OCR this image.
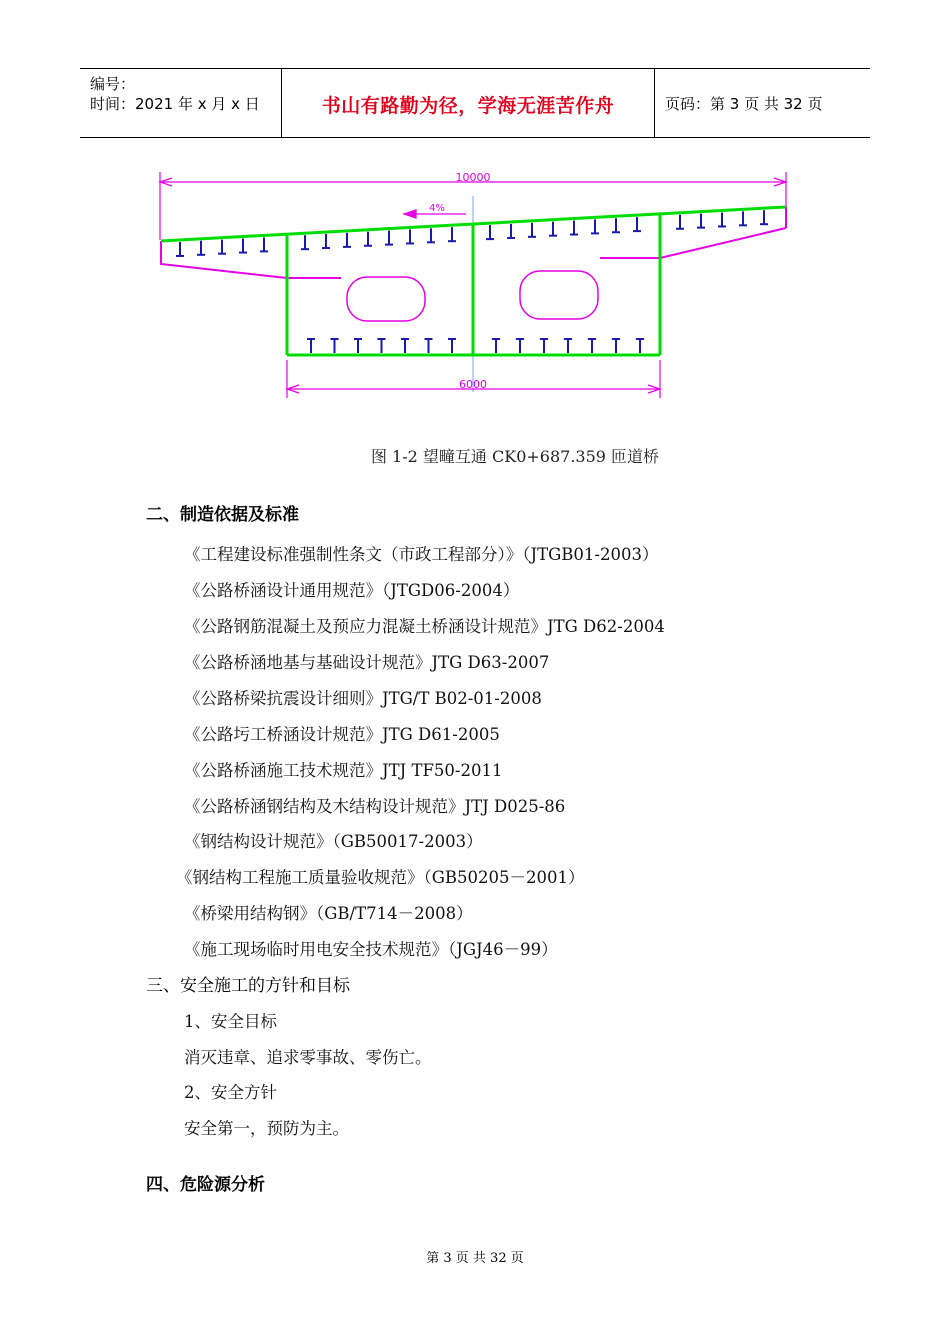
编号：
时间：2021 年 x 月 x 日	书山有路勤为径，学海无涯苦作舟	页码：第 3 页 共 32 页
10000
4%
6000
图 1-2 望疃互通 CK0+687.359 匝道桥
二、制造依据及标准
《工程建设标准强制性条文（市政工程部分）》（JTGB01-2003）
《公路桥涵设计通用规范》（JTGD06-2004）
《公路钢筋混凝土及预应力混凝土桥涵设计规范》JTG D62-2004
《公路桥涵地基与基础设计规范》JTG D63-2007
《公路桥梁抗震设计细则》JTG/T B02-01-2008
《公路圬工桥涵设计规范》JTG D61-2005
《公路桥涵施工技术规范》JTJ TF50-2011
《公路桥涵钢结构及木结构设计规范》JTJ D025-86
《钢结构设计规范》（GB50017-2003）
《钢结构工程施工质量验收规范》（GB50205－2001）
《桥梁用结构钢》（GB/T714－2008）
《施工现场临时用电安全技术规范》（JGJ46－99）
三、安全施工的方针和目标
1、安全目标
消灭违章、追求零事故、零伤亡。
2、安全方针
安全第一，预防为主。
四、危险源分析
第 3 页 共 32 页
